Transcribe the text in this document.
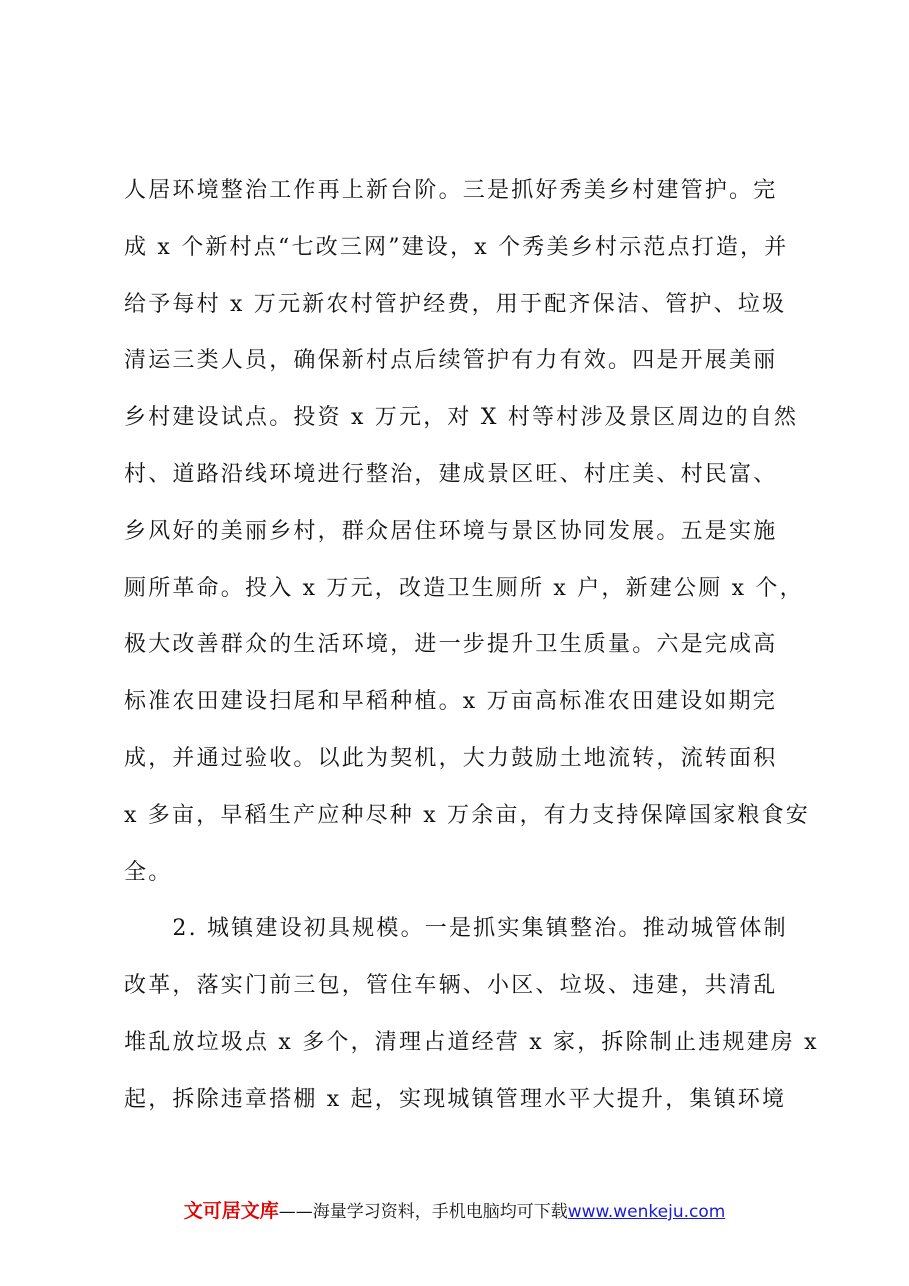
人居环境整治工作再上新台阶。三是抓好秀美乡村建管护。完
成 x 个新村点“七改三网”建设，x 个秀美乡村示范点打造，并
给予每村 x 万元新农村管护经费，用于配齐保洁、管护、垃圾
清运三类人员，确保新村点后续管护有力有效。四是开展美丽
乡村建设试点。投资 x 万元，对 X 村等村涉及景区周边的自然
村、道路沿线环境进行整治，建成景区旺、村庄美、村民富、
乡风好的美丽乡村，群众居住环境与景区协同发展。五是实施
厕所革命。投入 x 万元，改造卫生厕所 x 户，新建公厕 x 个，
极大改善群众的生活环境，进一步提升卫生质量。六是完成高
标准农田建设扫尾和早稻种植。x 万亩高标准农田建设如期完
成，并通过验收。以此为契机，大力鼓励土地流转，流转面积
x 多亩，早稻生产应种尽种 x 万余亩，有力支持保障国家粮食安
全。
　　2. 城镇建设初具规模。一是抓实集镇整治。推动城管体制
改革，落实门前三包，管住车辆、小区、垃圾、违建，共清乱
堆乱放垃圾点 x 多个，清理占道经营 x 家，拆除制止违规建房 x
起，拆除违章搭棚 x 起，实现城镇管理水平大提升，集镇环境
文可居文库——海量学习资料，手机电脑均可下载www.wenkeju.com
